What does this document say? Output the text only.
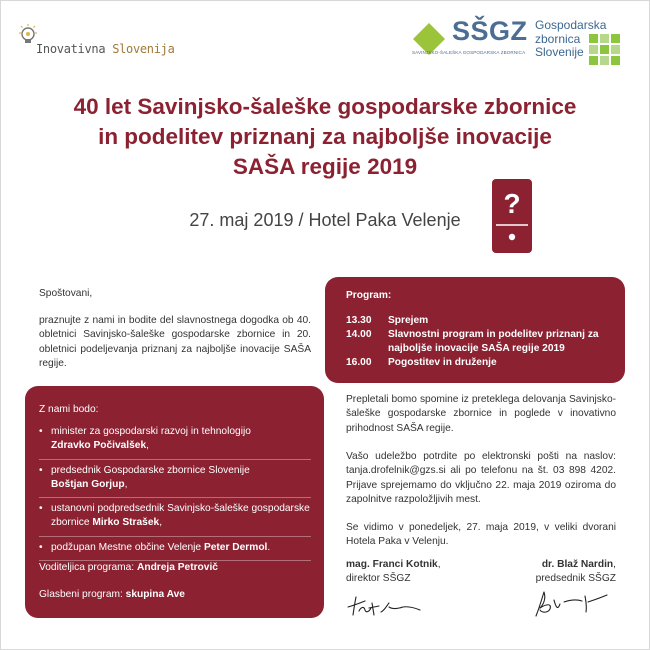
Inovativna Slovenija
SŠGZ
SAVINJSKO-ŠALEŠKA GOSPODARSKA ZBORNICA
Gospodarska
zbornica
Slovenije
40 let Savinjsko-šaleške gospodarske zbornice
in podelitev priznanj za najboljše inovacije
SAŠA regije 2019
27. maj 2019 / Hotel Paka Velenje
?
Spoštovani,
praznujte z nami in bodite del slavnostnega dogodka ob 40. obletnici Savinjsko-šaleške gospodarske zbornice in 20. obletnici podeljevanja priznanj za najboljše inovacije SAŠA regije.
Program:
13.30	Sprejem
14.00	Slavnostni program in podelitev priznanj za najboljše inovacije SAŠA regije 2019
16.00	Pogostitev in druženje
Z nami bodo:
• minister za gospodarski razvoj in tehnologijo
Zdravko Počivalšek,
• predsednik Gospodarske zbornice Slovenije
Boštjan Gorjup,
• ustanovni podpredsednik Savinjsko-šaleške gospodarske zbornice Mirko Strašek,
• podžupan Mestne občine Velenje Peter Dermol.
Voditeljica programa: Andreja Petrovič
Glasbeni program: skupina Ave
Prepletali bomo spomine iz preteklega delovanja Savinjsko-šaleške gospodarske zbornice in poglede v inovativno prihodnost SAŠA regije.
Vašo udeležbo potrdite po elektronski pošti na naslov: tanja.drofelnik@gzs.si ali po telefonu na št. 03 898 4202. Prijave sprejemamo do vključno 22. maja 2019 oziroma do zapolnitve razpoložljivih mest.
Se vidimo v ponedeljek, 27. maja 2019, v veliki dvorani Hotela Paka v Velenju.
mag. Franci Kotnik,
direktor SŠGZ
dr. Blaž Nardin,
predsednik SŠGZ
